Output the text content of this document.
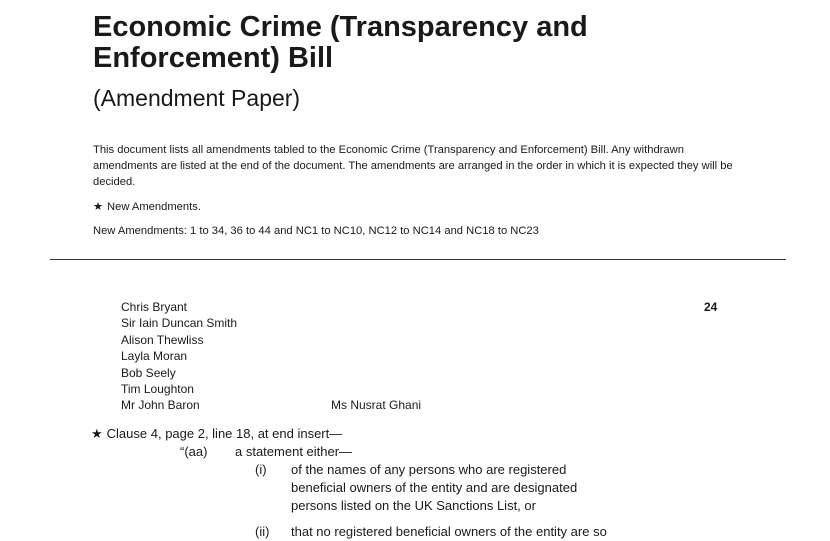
Economic Crime (Transparency and Enforcement) Bill
(Amendment Paper)

This document lists all amendments tabled to the Economic Crime (Transparency and Enforcement) Bill. Any withdrawn amendments are listed at the end of the document. The amendments are arranged in the order in which it is expected they will be decided.

★ New Amendments.
New Amendments: 1 to 34, 36 to 44 and NC1 to NC10, NC12 to NC14 and NC18 to NC23
Chris Bryant
Sir Iain Duncan Smith
Alison Thewliss
Layla Moran
Bob Seely
Tim Loughton
Mr John Baron	Ms Nusrat Ghani
24
★ Clause 4, page 2, line 18, at end insert—
“(aa) a statement either—
(i)	of the names of any persons who are registered
beneficial owners of the entity and are designated
persons listed on the UK Sanctions List, or
(ii)	that no registered beneficial owners of the entity are so
